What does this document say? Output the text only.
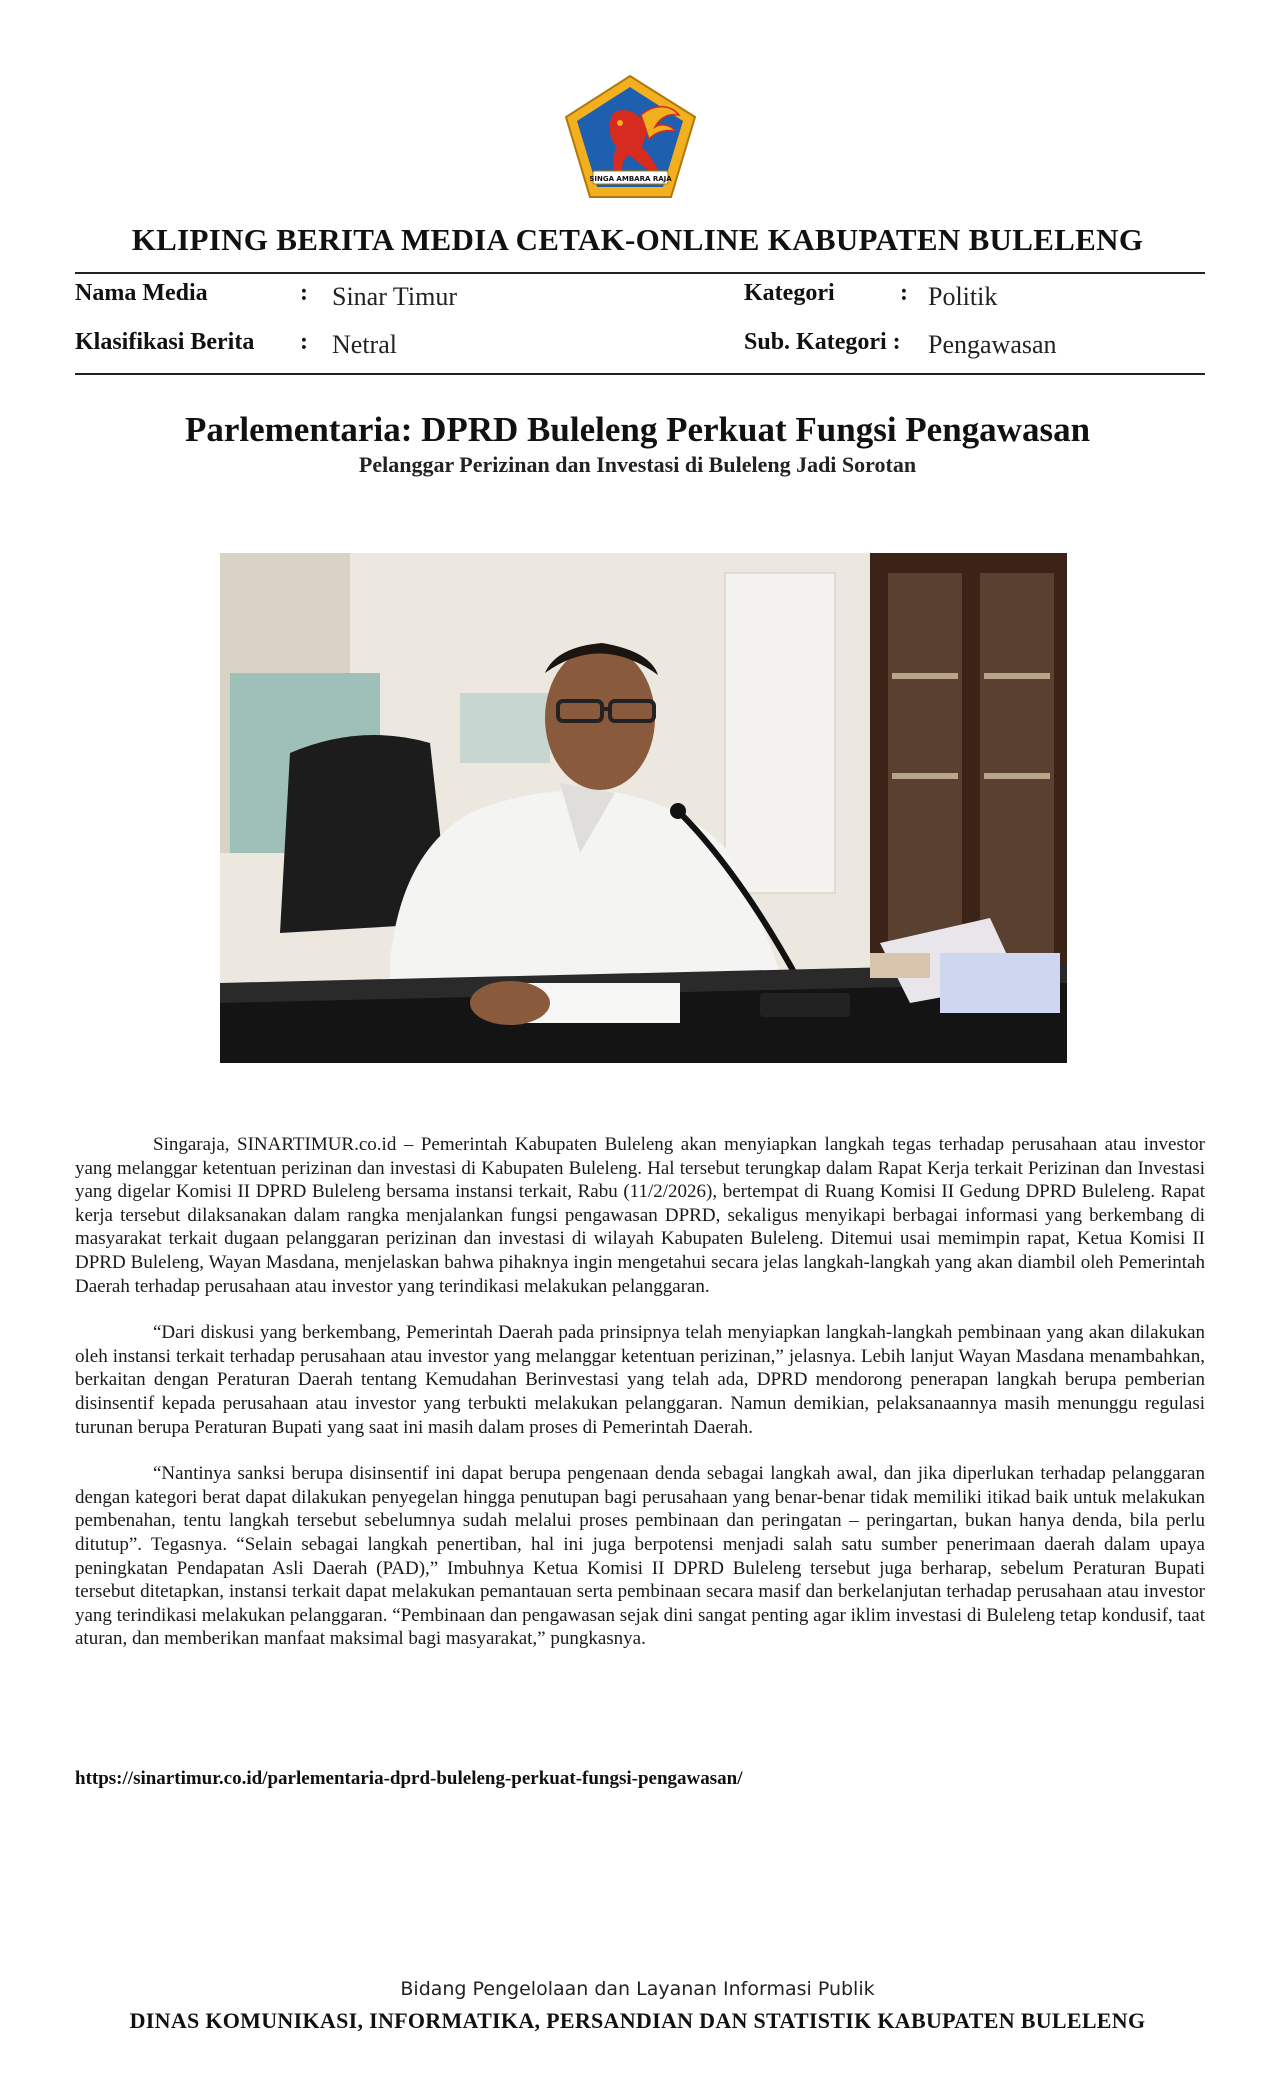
SINGA AMBARA RAJA
KLIPING BERITA MEDIA CETAK-ONLINE KABUPATEN BULELENG
Nama Media	: Sinar Timur	Kategori	: Politik
Klasifikasi Berita : Netral	Sub. Kategori : Pengawasan
Parlementaria: DPRD Buleleng Perkuat Fungsi Pengawasan
Pelanggar Perizinan dan Investasi di Buleleng Jadi Sorotan

Singaraja, SINARTIMUR.co.id – Pemerintah Kabupaten Buleleng akan menyiapkan langkah tegas terhadap perusahaan atau investor yang melanggar ketentuan perizinan dan investasi di Kabupaten Buleleng. Hal tersebut terungkap dalam Rapat Kerja terkait Perizinan dan Investasi yang digelar Komisi II DPRD Buleleng bersama instansi terkait, Rabu (11/2/2026), bertempat di Ruang Komisi II Gedung DPRD Buleleng. Rapat kerja tersebut dilaksanakan dalam rangka menjalankan fungsi pengawasan DPRD, sekaligus menyikapi berbagai informasi yang berkembang di masyarakat terkait dugaan pelanggaran perizinan dan investasi di wilayah Kabupaten Buleleng. Ditemui usai memimpin rapat, Ketua Komisi II DPRD Buleleng, Wayan Masdana, menjelaskan bahwa pihaknya ingin mengetahui secara jelas langkah-langkah yang akan diambil oleh Pemerintah Daerah terhadap perusahaan atau investor yang terindikasi melakukan pelanggaran.

“Dari diskusi yang berkembang, Pemerintah Daerah pada prinsipnya telah menyiapkan langkah-langkah pembinaan yang akan dilakukan oleh instansi terkait terhadap perusahaan atau investor yang melanggar ketentuan perizinan,” jelasnya. Lebih lanjut Wayan Masdana menambahkan, berkaitan dengan Peraturan Daerah tentang Kemudahan Berinvestasi yang telah ada, DPRD mendorong penerapan langkah berupa pemberian disinsentif kepada perusahaan atau investor yang terbukti melakukan pelanggaran. Namun demikian, pelaksanaannya masih menunggu regulasi turunan berupa Peraturan Bupati yang saat ini masih dalam proses di Pemerintah Daerah.

“Nantinya sanksi berupa disinsentif ini dapat berupa pengenaan denda sebagai langkah awal, dan jika diperlukan terhadap pelanggaran dengan kategori berat dapat dilakukan penyegelan hingga penutupan bagi perusahaan yang benar-benar tidak memiliki itikad baik untuk melakukan pembenahan, tentu langkah tersebut sebelumnya sudah melalui proses pembinaan dan peringatan – peringartan, bukan hanya denda, bila perlu ditutup”. Tegasnya. “Selain sebagai langkah penertiban, hal ini juga berpotensi menjadi salah satu sumber penerimaan daerah dalam upaya peningkatan Pendapatan Asli Daerah (PAD),” Imbuhnya Ketua Komisi II DPRD Buleleng tersebut juga berharap, sebelum Peraturan Bupati tersebut ditetapkan, instansi terkait dapat melakukan pemantauan serta pembinaan secara masif dan berkelanjutan terhadap perusahaan atau investor yang terindikasi melakukan pelanggaran. “Pembinaan dan pengawasan sejak dini sangat penting agar iklim investasi di Buleleng tetap kondusif, taat aturan, dan memberikan manfaat maksimal bagi masyarakat,” pungkasnya.

https://sinartimur.co.id/parlementaria-dprd-buleleng-perkuat-fungsi-pengawasan/
Bidang Pengelolaan dan Layanan Informasi Publik
DINAS KOMUNIKASI, INFORMATIKA, PERSANDIAN DAN STATISTIK KABUPATEN BULELENG
